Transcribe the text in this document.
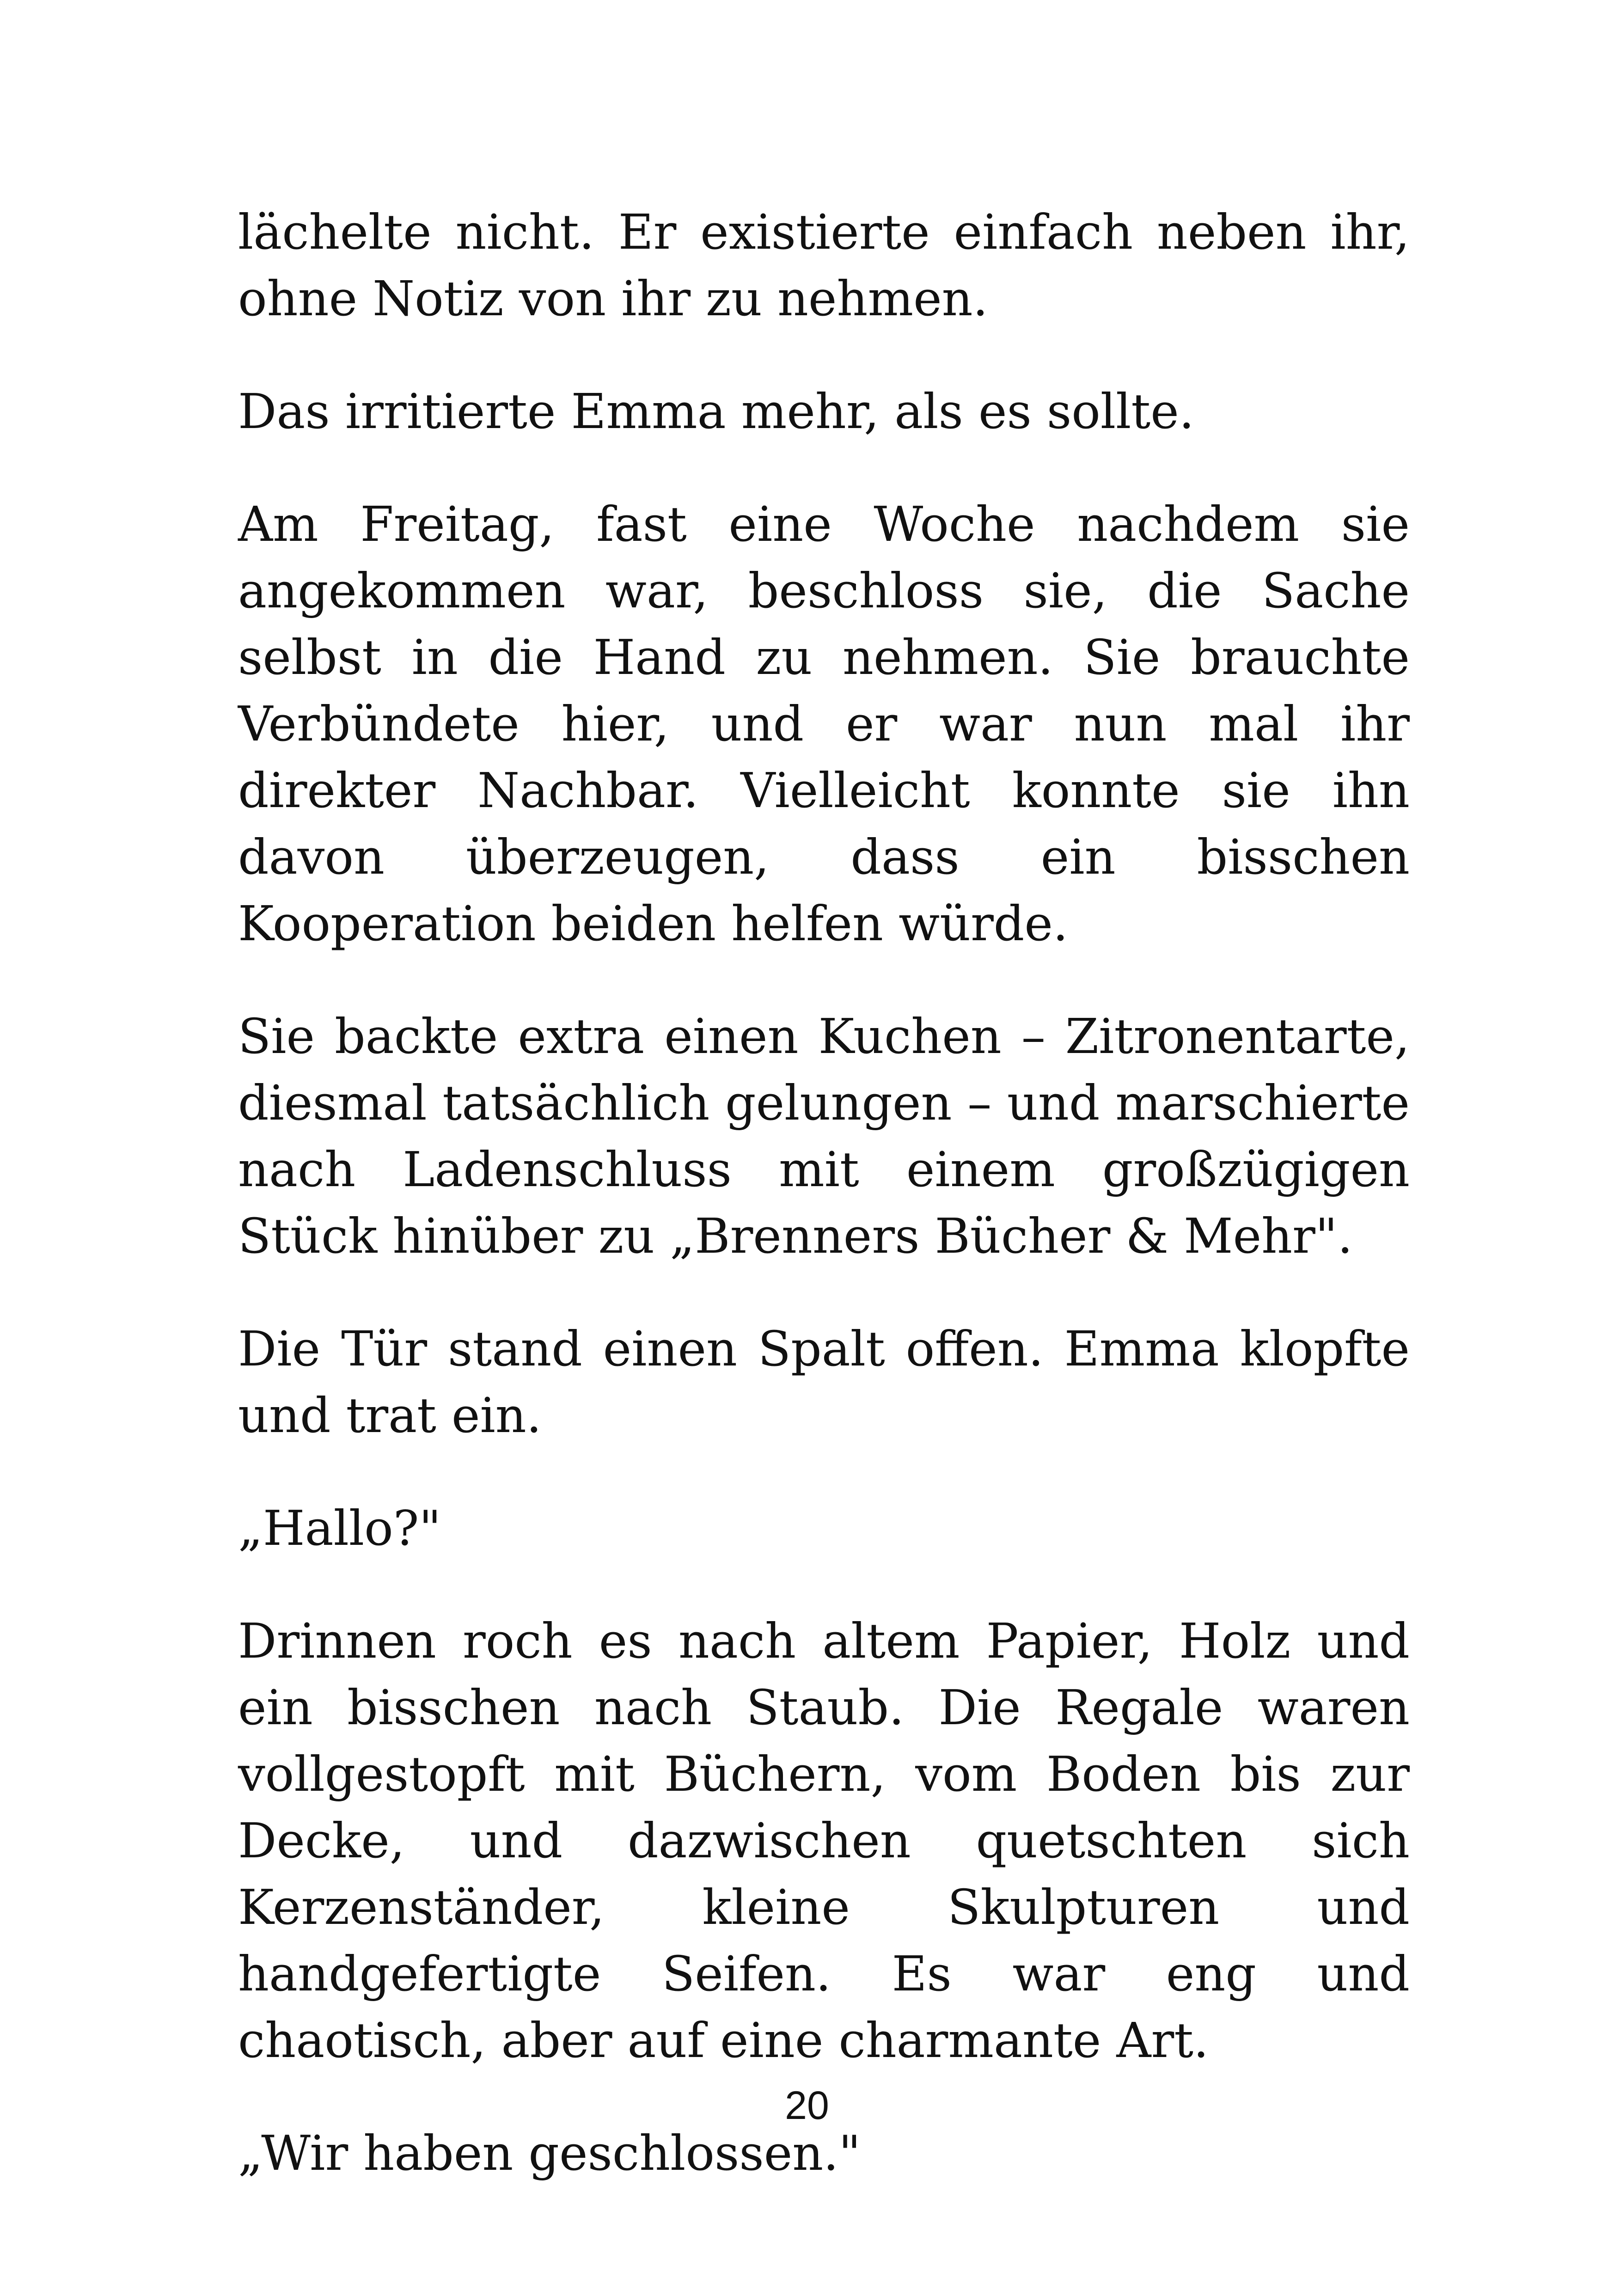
lächelte nicht. Er existierte einfach neben ihr, ohne Notiz von ihr zu nehmen.

Das irritierte Emma mehr, als es sollte.

Am Freitag, fast eine Woche nachdem sie angekommen war, beschloss sie, die Sache selbst in die Hand zu nehmen. Sie brauchte Verbündete hier, und er war nun mal ihr direkter Nachbar. Vielleicht konnte sie ihn davon überzeugen, dass ein bisschen Kooperation beiden helfen würde.

Sie backte extra einen Kuchen – Zitronentarte, diesmal tatsächlich gelungen – und marschierte nach Ladenschluss mit einem großzügigen Stück hinüber zu „Brenners Bücher & Mehr".

Die Tür stand einen Spalt offen. Emma klopfte und trat ein.

„Hallo?"

Drinnen roch es nach altem Papier, Holz und ein bisschen nach Staub. Die Regale waren vollgestopft mit Büchern, vom Boden bis zur Decke, und dazwischen quetschten sich Kerzenständer, kleine Skulpturen und handgefertigte Seifen. Es war eng und chaotisch, aber auf eine charmante Art.

„Wir haben geschlossen."

20
